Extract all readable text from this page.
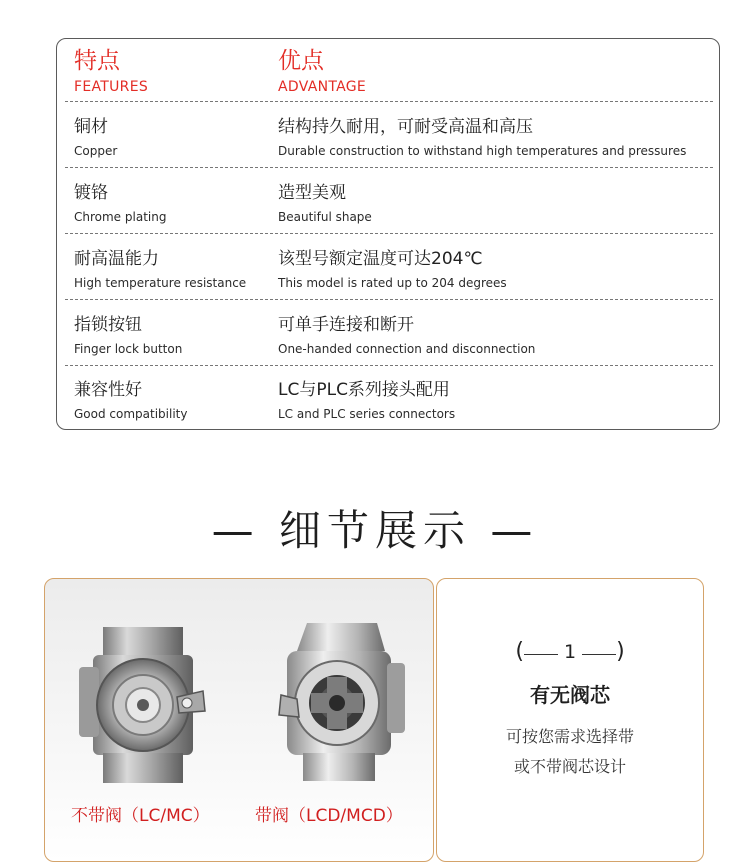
特点
FEATURES
优点
ADVANTAGE
铜材
Copper
结构持久耐用，可耐受高温和高压
Durable construction to withstand high temperatures and pressures
镀铬
Chrome plating
造型美观
Beautiful shape
耐高温能力
High temperature resistance
该型号额定温度可达204℃
This model is rated up to 204 degrees
指锁按钮
Finger lock button
可单手连接和断开
One-handed connection and disconnection
兼容性好
Good compatibility
LC与PLC系列接头配用
LC and PLC series connectors
— 细节展示 —
不带阀（LC/MC）	带阀（LCD/MCD）
( 1 )
有无阀芯
可按您需求选择带
或不带阀芯设计
